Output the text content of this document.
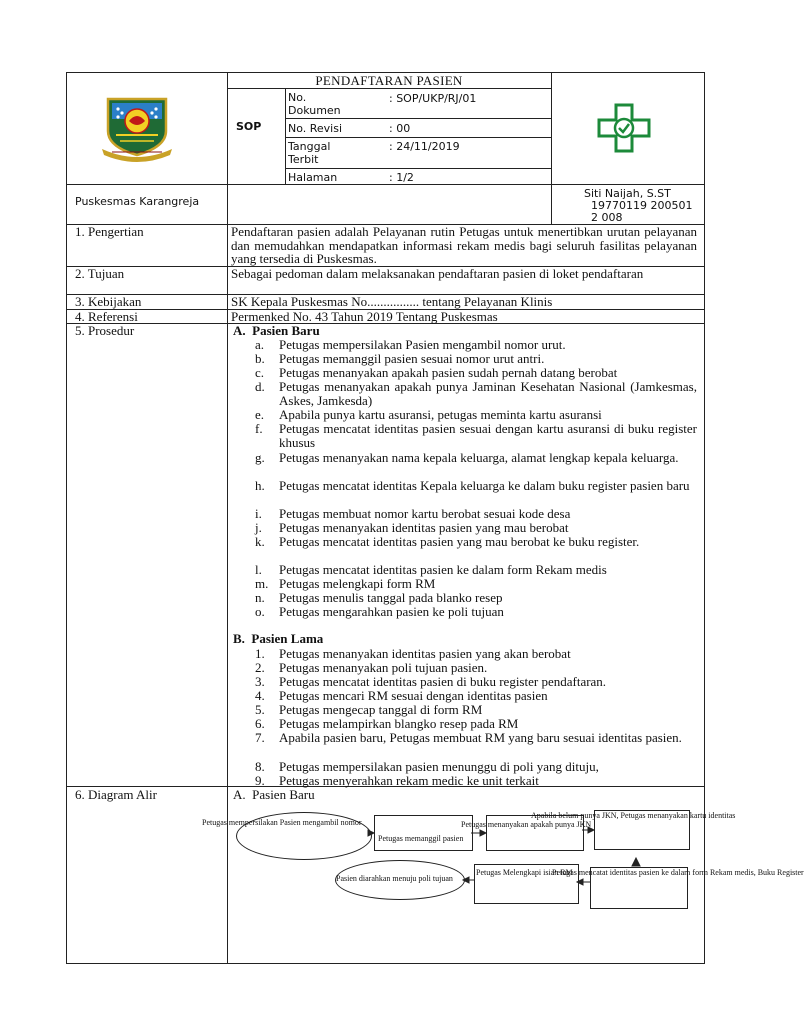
PENDAFTARAN PASIEN
SOP
No. Dokumen
: SOP/UKP/RJ/01
No. Revisi	: 00
Tanggal Terbit
: 24/11/2019
Halaman	: 1/2
Puskesmas Karangreja
Siti Naijah, S.ST
19770119 200501 2 008
1. Pengertian	Pendaftaran pasien adalah Pelayanan rutin Petugas untuk menertibkan urutan pelayanan dan memudahkan mendapatkan informasi rekam medis bagi seluruh fasilitas pelayanan yang tersedia di Puskesmas.
2. Tujuan	Sebagai pedoman dalam melaksanakan pendaftaran pasien di loket pendaftaran
3. Kebijakan	SK Kepala Puskesmas No................ tentang Pelayanan Klinis
4. Referensi	Permenked No. 43 Tahun 2019 Tentang Puskesmas
5. Prosedur	A.  Pasien Baru
a.	Petugas mempersilakan Pasien mengambil nomor urut.
b.	Petugas memanggil pasien sesuai nomor urut antri.
c.	Petugas menanyakan apakah pasien sudah pernah datang berobat
d.	Petugas menanyakan apakah punya Jaminan Kesehatan Nasional (Jamkesmas, Askes, Jamkesda)
e.	Apabila punya kartu asuransi, petugas meminta kartu asuransi
f.	Petugas mencatat identitas pasien sesuai dengan kartu asuransi di buku register khusus
g.	Petugas menanyakan nama kepala keluarga, alamat lengkap kepala keluarga.
h.	Petugas mencatat identitas Kepala keluarga ke dalam buku register pasien baru
i.	Petugas membuat nomor kartu berobat sesuai kode desa
j.	Petugas menanyakan identitas pasien yang mau berobat
k.	Petugas mencatat identitas pasien yang mau berobat ke buku register.
l.	Petugas mencatat identitas pasien ke dalam form Rekam medis
m. Petugas melengkapi form RM
n.	Petugas menulis tanggal pada blanko resep
o.	Petugas mengarahkan pasien ke poli tujuan
B.  Pasien Lama
1.	Petugas menanyakan identitas pasien yang akan berobat
2.	Petugas menanyakan poli tujuan pasien.
3.	Petugas mencatat identitas pasien di buku register pendaftaran.
4.	Petugas mencari RM sesuai dengan identitas pasien
5.	Petugas mengecap tanggal di form RM
6.	Petugas melampirkan blangko resep pada RM
7.	Apabila pasien baru, Petugas membuat RM yang baru sesuai identitas pasien.
8.	Petugas mempersilakan pasien menunggu di poli yang dituju,
9.	Petugas menyerahkan rekam medic ke unit terkait
6. Diagram Alir	A.  Pasien Baru
Petugas mempersilakan Pasien mengambil nomor
Petugas memanggil pasien
Petugas menanyakan apakah punya JKN
Apabila belum punya JKN, Petugas menanyakan kartu identitas
Petugas mencatat identitas pasien ke dalam form Rekam medis, Buku Register
Petugas Melengkapi isian RM
Pasien diarahkan menuju poli tujuan
